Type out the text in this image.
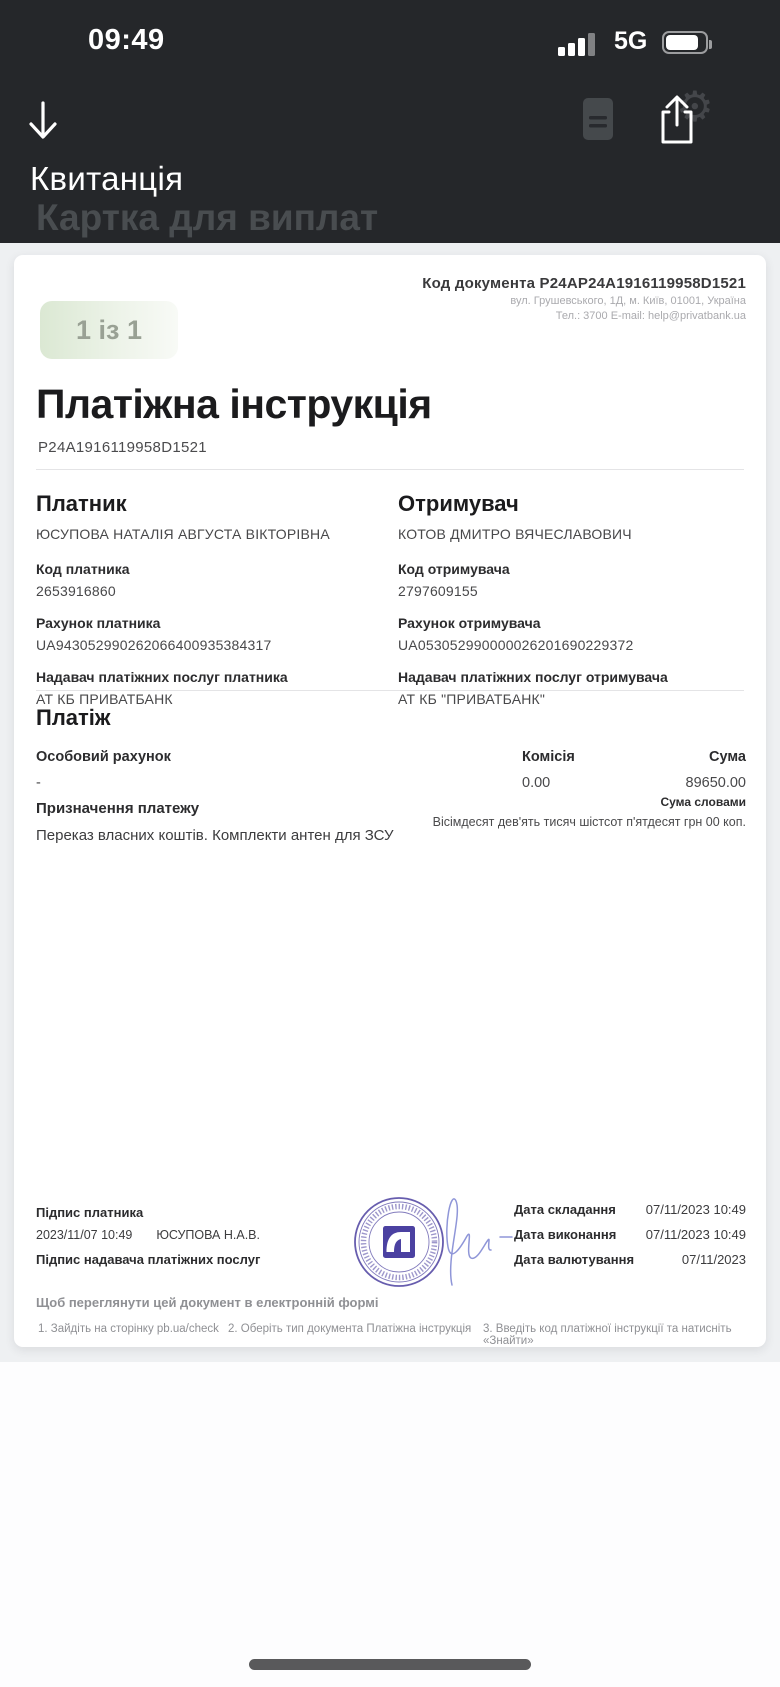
09:49	5G
⚙
Квитанція
Картка для виплат
Код документа P24AP24A1916119958D1521
вул. Грушевського, 1Д, м. Київ, 01001, Україна
Тел.: 3700 E-mail: help@privatbank.ua
1 із 1
Платіжна інструкція
P24A1916119958D1521
Платник
ЮСУПОВА НАТАЛІЯ АВГУСТА ВІКТОРІВНА
Код платника
2653916860
Рахунок платника
UA943052990262066400935384317
Надавач платіжних послуг платника
АТ КБ ПРИВАТБАНК
Отримувач
КОТОВ ДМИТРО ВЯЧЕСЛАВОВИЧ
Код отримувача
2797609155
Рахунок отримувача
UA053052990000026201690229372
Надавач платіжних послуг отримувача
АТ КБ "ПРИВАТБАНК"
Платіж
Особовий рахунок
-
Комісія
0.00
Сума
89650.00
Сума словами
Вісімдесят дев'ять тисяч шістсот п'ятдесят грн 00 коп.
Призначення платежу
Переказ власних коштів. Комплекти антен для ЗСУ
Підпис платника
2023/11/07 10:49 ЮСУПОВА Н.А.В.
Підпис надавача платіжних послуг
Дата складання 07/11/2023 10:49
Дата виконання 07/11/2023 10:49
Дата валютування	07/11/2023
Щоб переглянути цей документ в електронній формі
1. Зайдіть на сторінку pb.ua/check 2. Оберіть тип документа Платіжна інструкція 3. Введіть код платіжної інструкції та натисніть «Знайти»
